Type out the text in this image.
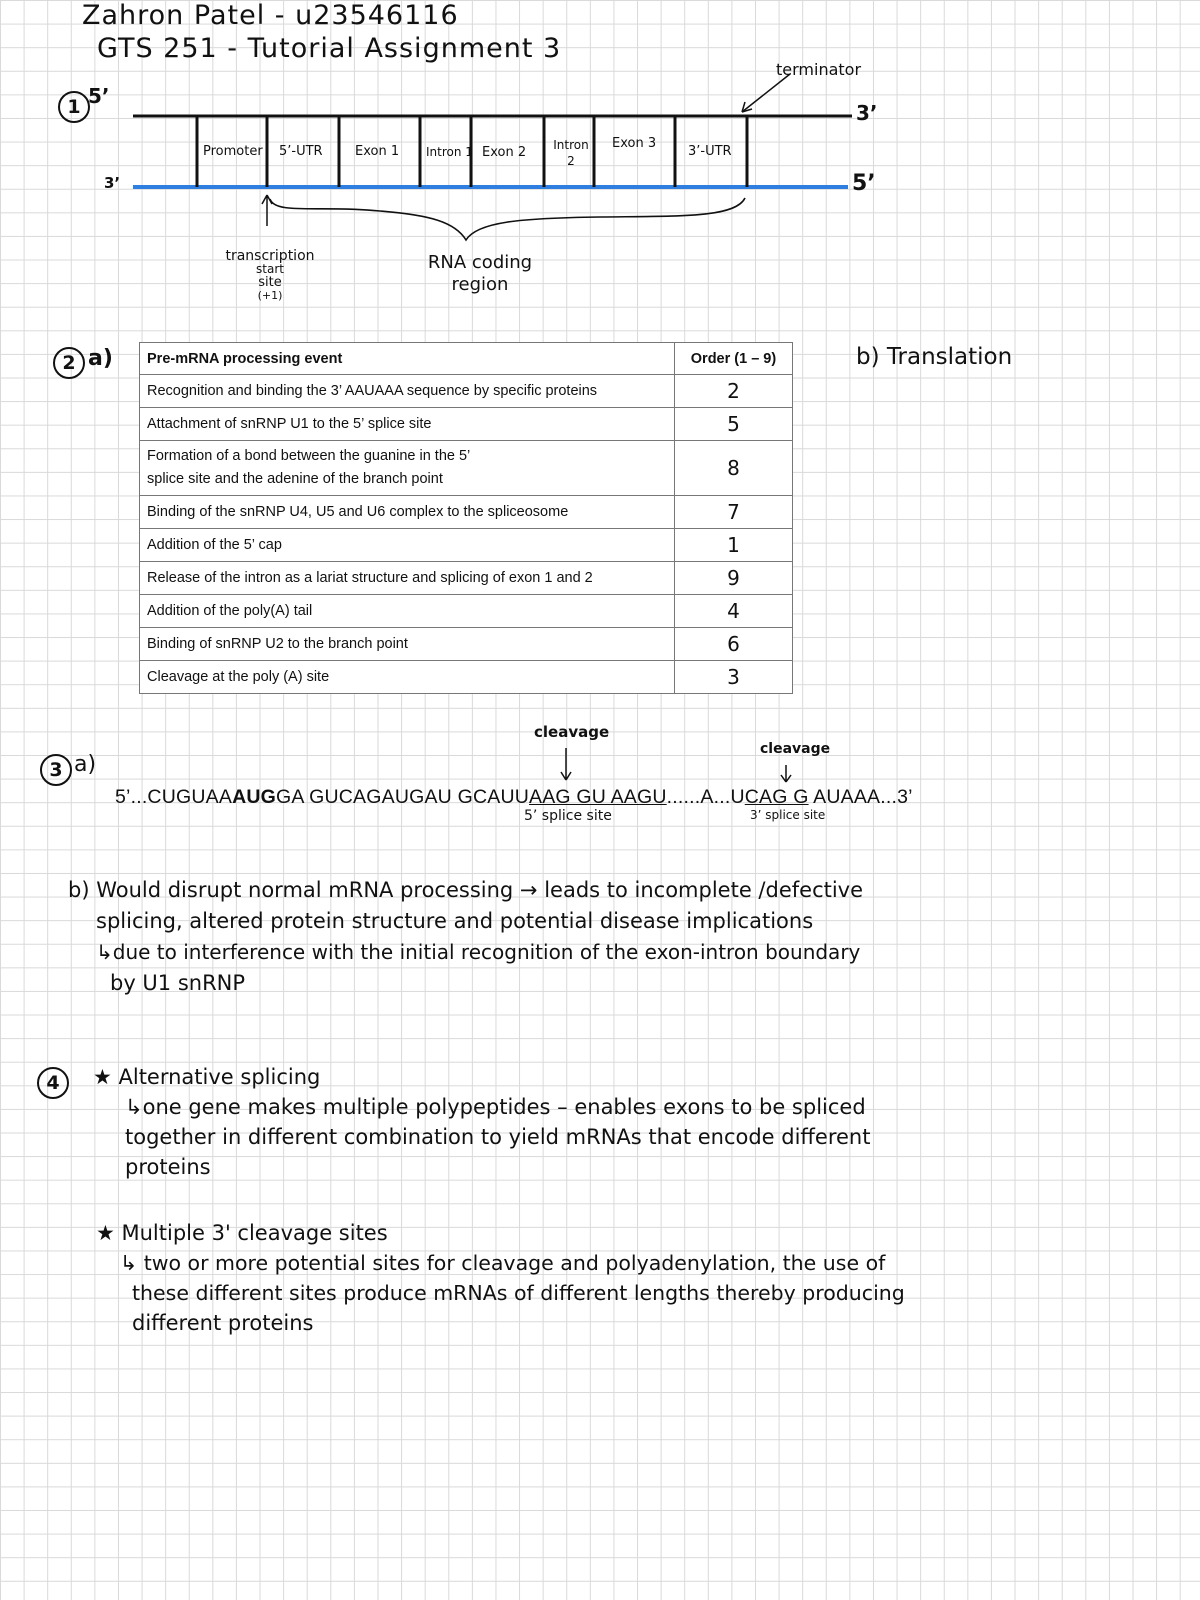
Zahron Patel - u23546116
GTS 251 - Tutorial Assignment 3
1 5’
3’
terminator
3’
5’
Promoter 5’-UTR Exon 1 Intron 1 Exon 2 Intron 2
Exon 3
3’-UTR
transcription
start
site
(+1)
RNA coding
region
2 a)	b) Translation
Pre-mRNA processing event	Order (1 – 9)
Recognition and binding the 3’ AAUAAA sequence by specific proteins	2
Attachment of snRNP U1 to the 5’ splice site	5
Formation of a bond between the guanine in the 5’ splice site and the adenine of the branch point	8
Binding of the snRNP U4, U5 and U6 complex to the spliceosome	7
Addition of the 5’ cap	1
Release of the intron as a lariat structure and splicing of exon 1 and 2	9
Addition of the poly(A) tail	4
Binding of snRNP U2 to the branch point	6
Cleavage at the poly (A) site	3
3 a)
cleavage
cleavage
5’...CUGUAAAUGGA GUCAGAUGAU GCAUUAAG GU AAGU......A...UCAG G AUAAA...3’
5’ splice site	3’ splice site
b) Would disrupt normal mRNA processing → leads to incomplete /defective
splicing, altered protein structure and potential disease implications
↳due to interference with the initial recognition of the exon-intron boundary
by U1 snRNP
4	★ Alternative splicing
↳one gene makes multiple polypeptides – enables exons to be spliced
together in different combination to yield mRNAs that encode different
proteins
★ Multiple 3' cleavage sites
↳ two or more potential sites for cleavage and polyadenylation, the use of
these different sites produce mRNAs of different lengths thereby producing
different proteins
